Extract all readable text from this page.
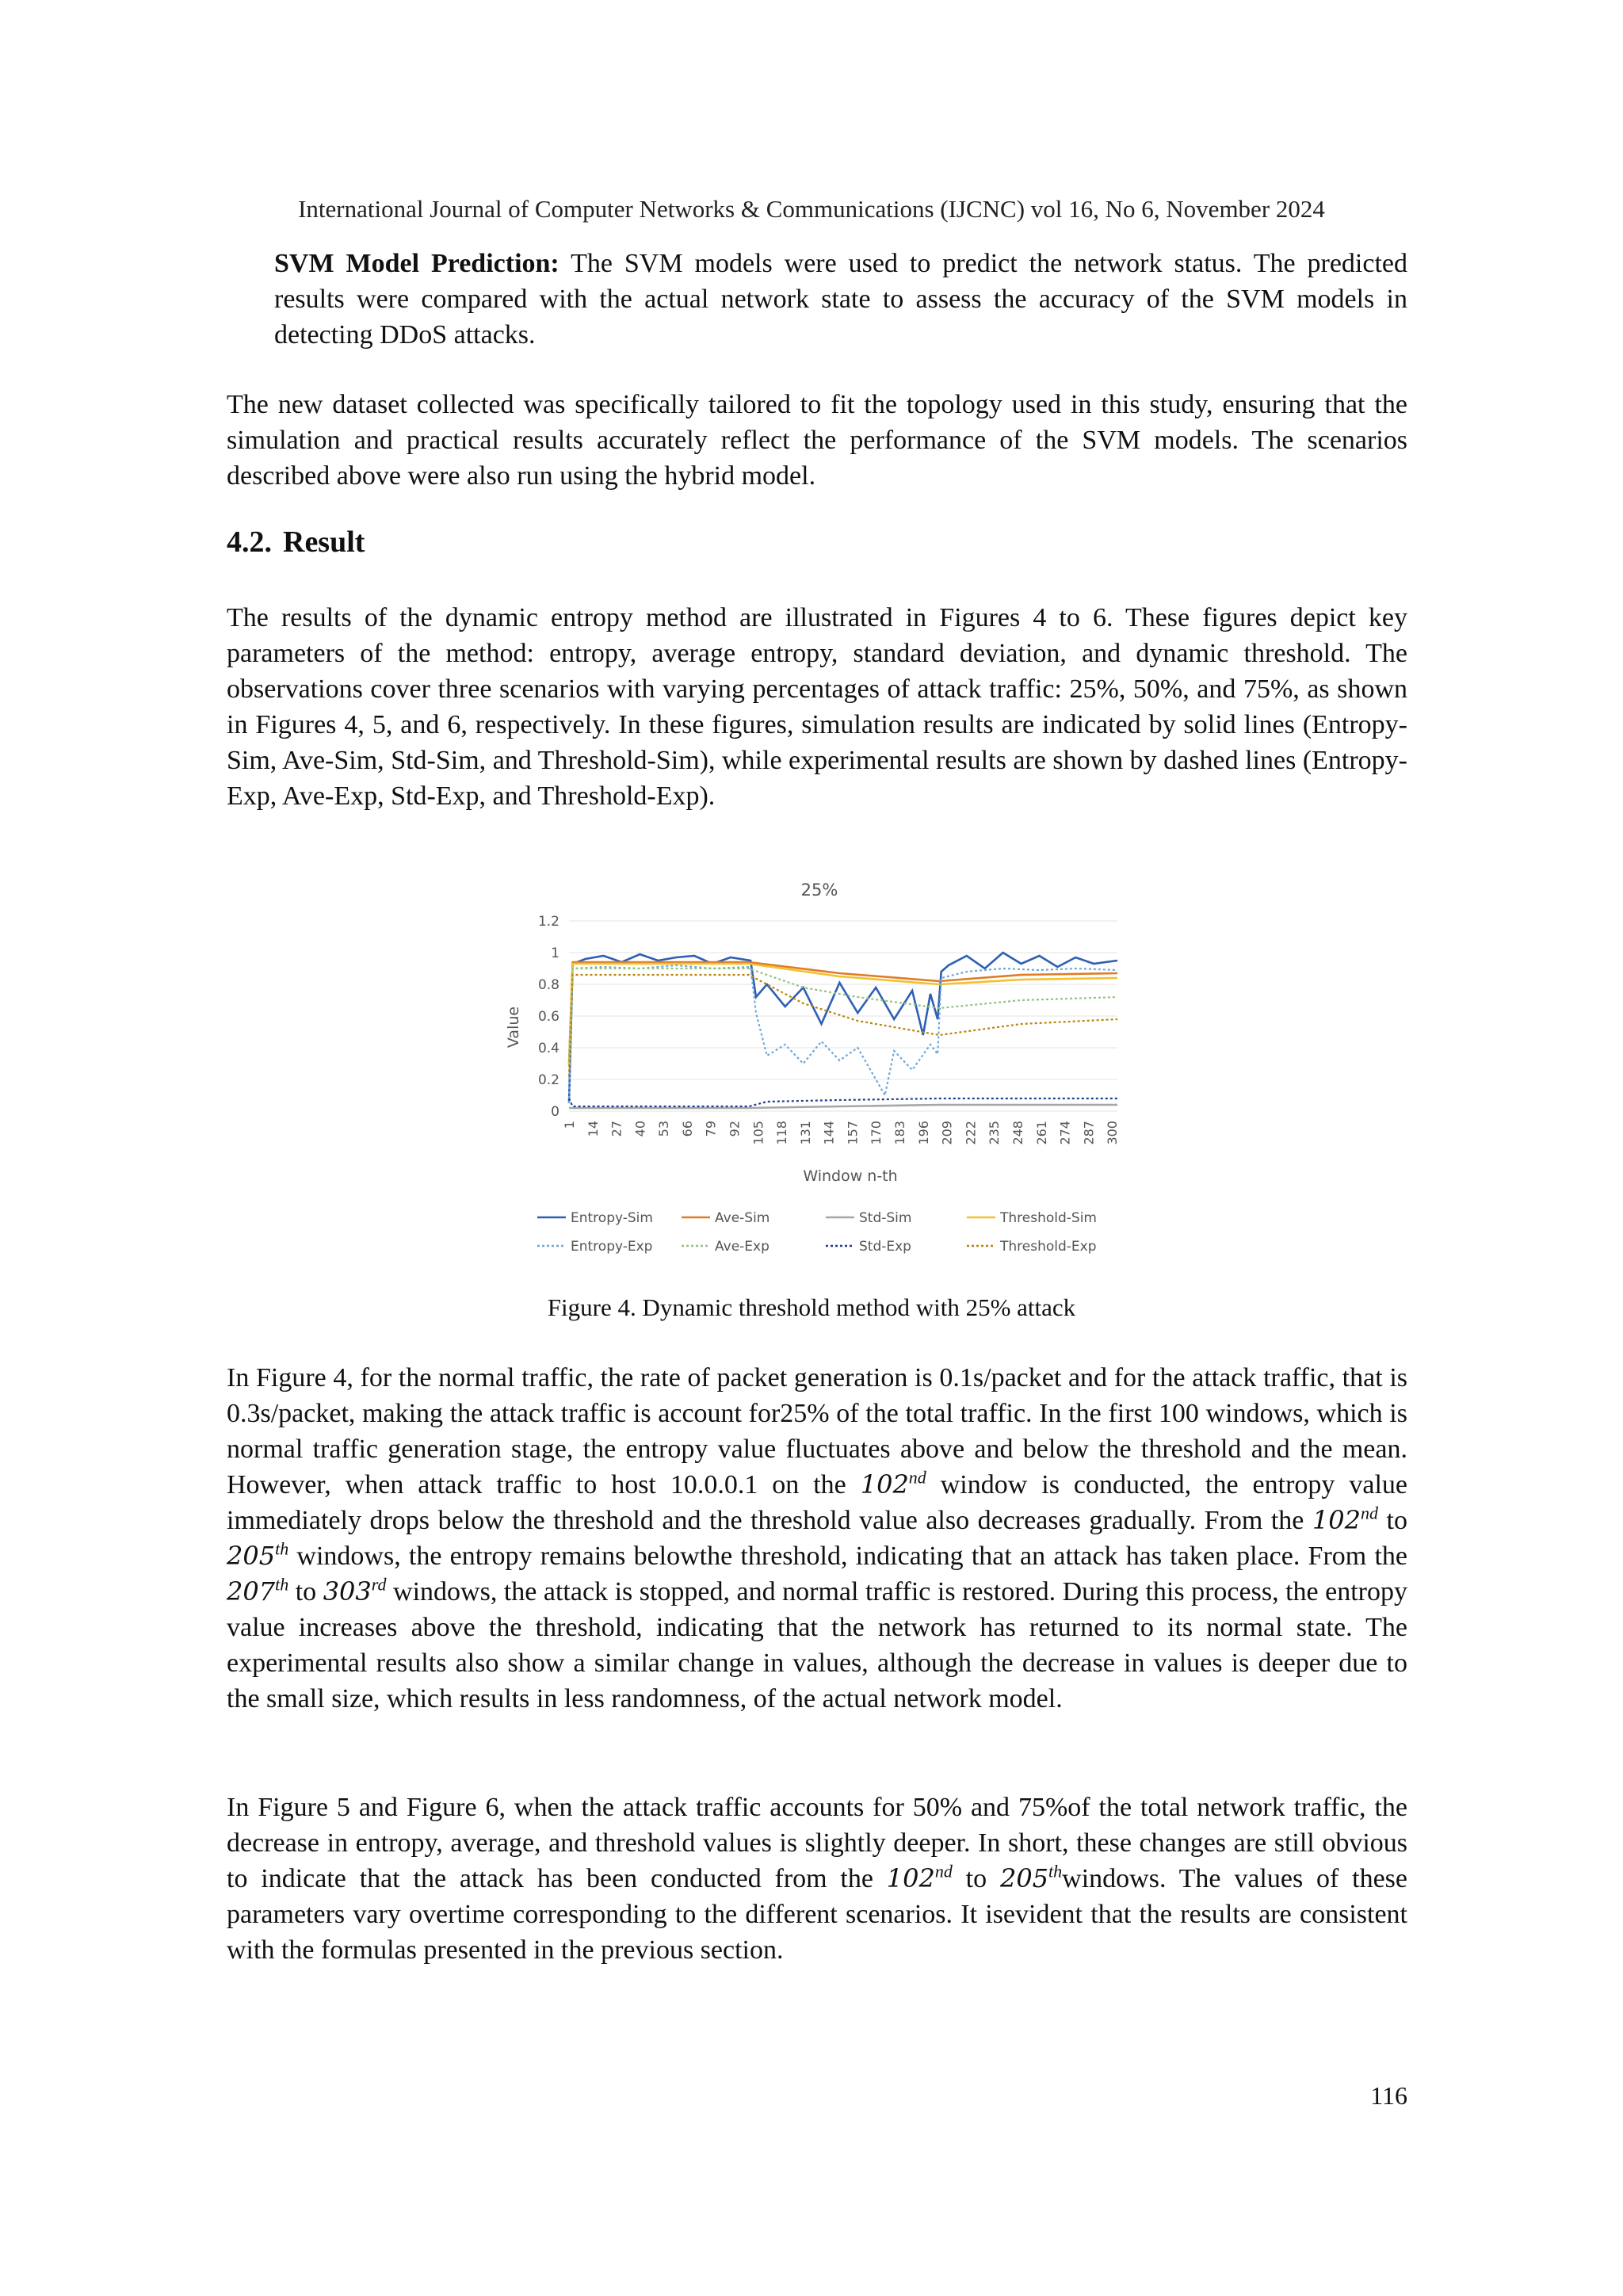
International Journal of Computer Networks & Communications (IJCNC) vol 16, No 6, November 2024

SVM Model Prediction: The SVM models were used to predict the network status. The predicted results were compared with the actual network state to assess the accuracy of the SVM models in detecting DDoS attacks.

The new dataset collected was specifically tailored to fit the topology used in this study, ensuring that the simulation and practical results accurately reflect the performance of the SVM models. The scenarios described above were also run using the hybrid model.

4.2. Result

The results of the dynamic entropy method are illustrated in Figures 4 to 6. These figures depict key parameters of the method: entropy, average entropy, standard deviation, and dynamic threshold. The observations cover three scenarios with varying percentages of attack traffic: 25%, 50%, and 75%, as shown in Figures 4, 5, and 6, respectively. In these figures, simulation results are indicated by solid lines (Entropy-Sim, Ave-Sim, Std-Sim, and Threshold-Sim), while experimental results are shown by dashed lines (Entropy-Exp, Ave-Exp, Std-Exp, and Threshold-Exp).

25%
0
0.2
0.4
0.6
0.8
1
1.2
1 14 27 40 53 66 79 92 105 118 131 144 157 170 183 196 209 222 235 248 261 274 287 300
Value
Window n-th
Entropy-Sim	Ave-Sim	Std-Sim	Threshold-Sim
Entropy-Exp	Ave-Exp	Std-Exp	Threshold-Exp
Figure 4. Dynamic threshold method with 25% attack

In Figure 4, for the normal traffic, the rate of packet generation is 0.1s/packet and for the attack traffic, that is 0.3s/packet, making the attack traffic is account for25% of the total traffic. In the first 100 windows, which is normal traffic generation stage, the entropy value fluctuates above and below the threshold and the mean. However, when attack traffic to host 10.0.0.1 on the 102nd window is conducted, the entropy value immediately drops below the threshold and the threshold value also decreases gradually. From the 102nd to 205th windows, the entropy remains belowthe threshold, indicating that an attack has taken place. From the 207th to 303rd windows, the attack is stopped, and normal traffic is restored. During this process, the entropy value increases above the threshold, indicating that the network has returned to its normal state. The experimental results also show a similar change in values, although the decrease in values is deeper due to the small size, which results in less randomness, of the actual network model.

In Figure 5 and Figure 6, when the attack traffic accounts for 50% and 75%of the total network traffic, the decrease in entropy, average, and threshold values is slightly deeper. In short, these changes are still obvious to indicate that the attack has been conducted from the 102nd to 205thwindows. The values of these parameters vary overtime corresponding to the different scenarios. It isevident that the results are consistent with the formulas presented in the previous section.

116
